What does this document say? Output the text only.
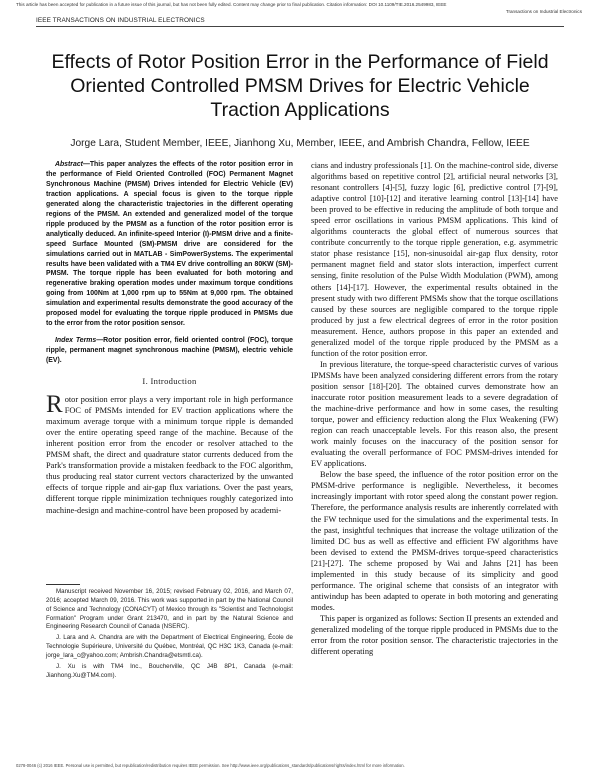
This article has been accepted for publication in a future issue of this journal, but has not been fully edited. Content may change prior to final publication. Citation information: DOI 10.1109/TIE.2016.2549983, IEEE
Transactions on Industrial Electronics
IEEE TRANSACTIONS ON INDUSTRIAL ELECTRONICS
Effects of Rotor Position Error in the Performance of Field Oriented Controlled PMSM Drives for Electric Vehicle Traction Applications
Jorge Lara, Student Member, IEEE, Jianhong Xu, Member, IEEE, and Ambrish Chandra, Fellow, IEEE

Abstract—This paper analyzes the effects of the rotor position error in the performance of Field Oriented Controlled (FOC) Permanent Magnet Synchronous Machine (PMSM) Drives intended for Electric Vehicle (EV) traction applications. A special focus is given to the torque ripple generated along the characteristic trajectories in the different operating regions of the PMSM. An extended and generalized model of the torque ripple produced by the PMSM as a function of the rotor position error is analytically deduced. An infinite-speed Interior (I)-PMSM drive and a finite-speed Surface Mounted (SM)-PMSM drive are considered for the simulations carried out in MATLAB - SimPowerSystems. The experimental results have been validated with a TM4 EV drive controlling an 80KW (SM)-PMSM. The torque ripple has been evaluated for both motoring and regenerative braking operation modes under maximum torque conditions going from 100Nm at 1,000 rpm up to 55Nm at 9,000 rpm. The obtained simulation and experimental results demonstrate the good accuracy of the proposed model for evaluating the torque ripple produced in PMSMs due to the error from the rotor position sensor.

Index Terms—Rotor position error, field oriented control (FOC), torque ripple, permanent magnet synchronous machine (PMSM), electric vehicle (EV).

I. Introduction

Rotor position error plays a very important role in high performance FOC of PMSMs intended for EV traction applications where the maximum average torque with a minimum torque ripple is demanded over the entire operating speed range of the machine. Because of the inherent position error from the encoder or resolver attached to the PMSM shaft, the direct and quadrature stator currents deduced from the Park's transformation provide a mistaken feedback to the FOC algorithm, thus producing real stator current vectors characterized by the unwanted effects of torque ripple and air-gap flux variations. Over the past years, different torque ripple minimization techniques roughly categorized into machine-design and machine-control have been proposed by academi-

Manuscript received November 16, 2015; revised February 02, 2016, and March 07, 2016; accepted March 09, 2016. This work was supported in part by the National Council of Science and Technology (CONACYT) of Mexico through its "Scientist and Technologist Formation" Program under Grant 213470, and in part by the Natural Science and Engineering Research Council of Canada (NSERC).

J. Lara and A. Chandra are with the Department of Electrical Engineering, École de Technologie Supérieure, Université du Québec, Montréal, QC H3C 1K3, Canada (e-mail: jorge_lara_c@yahoo.com; Ambrish.Chandra@etsmtl.ca).

J. Xu is with TM4 Inc., Boucherville, QC J4B 8P1, Canada (e-mail: Jianhong.Xu@TM4.com).

cians and industry professionals [1]. On the machine-control side, diverse algorithms based on repetitive control [2], artificial neural networks [3], resonant controllers [4]-[5], fuzzy logic [6], predictive control [7]-[9], adaptive control [10]-[12] and iterative learning control [13]-[14] have been proved to be effective in reducing the amplitude of both torque and speed error oscillations in various PMSM applications. This kind of algorithms counteracts the global effect of numerous sources that contribute concurrently to the torque ripple generation, e.g. asymmetric stator phase resistance [15], non-sinusoidal air-gap flux density, rotor permanent magnet field and stator slots interaction, imperfect current sensing, finite resolution of the Pulse Width Modulation (PWM), among others [14]-[17]. However, the experimental results obtained in the present study with two different PMSMs show that the torque oscillations caused by these sources are negligible compared to the torque ripple produced by just a few electrical degrees of error in the rotor position measurement. Hence, authors propose in this paper an extended and generalized model of the torque ripple produced by the PMSM as a function of the rotor position error.

In previous literature, the torque-speed characteristic curves of various IPMSMs have been analyzed considering different errors from the rotary position sensor [18]-[20]. The obtained curves demonstrate how an inaccurate rotor position measurement leads to a severe degradation of the machine-drive performance and how in some cases, the resulting torque, power and efficiency reduction along the Flux Weakening (FW) region can reach unacceptable levels. For this reason also, the present work mainly focuses on the inaccuracy of the position sensor for evaluating the overall performance of FOC PMSM-drives intended for EV applications.

Below the base speed, the influence of the rotor position error on the PMSM-drive performance is negligible. Nevertheless, it becomes increasingly important with rotor speed along the constant power region. Therefore, the performance analysis results are inherently correlated with the FW technique used for the simulations and the experimental tests. In the past, insightful techniques that increase the voltage utilization of the limited DC bus as well as effective and efficient FW algorithms have been devised to extend the PMSM-drives torque-speed characteristics [21]-[27]. The scheme proposed by Wai and Jahns [21] has been implemented in this study because of its simplicity and good performance. The original scheme that consists of an integrator with antiwindup has been adapted to operate in both motoring and generating modes.

This paper is organized as follows: Section II presents an extended and generalized modeling of the torque ripple produced in PMSMs due to the error from the rotor position sensor. The characteristic trajectories in the different operating

0278-0046 (c) 2016 IEEE. Personal use is permitted, but republication/redistribution requires IEEE permission. See http://www.ieee.org/publications_standards/publications/rights/index.html for more information.
